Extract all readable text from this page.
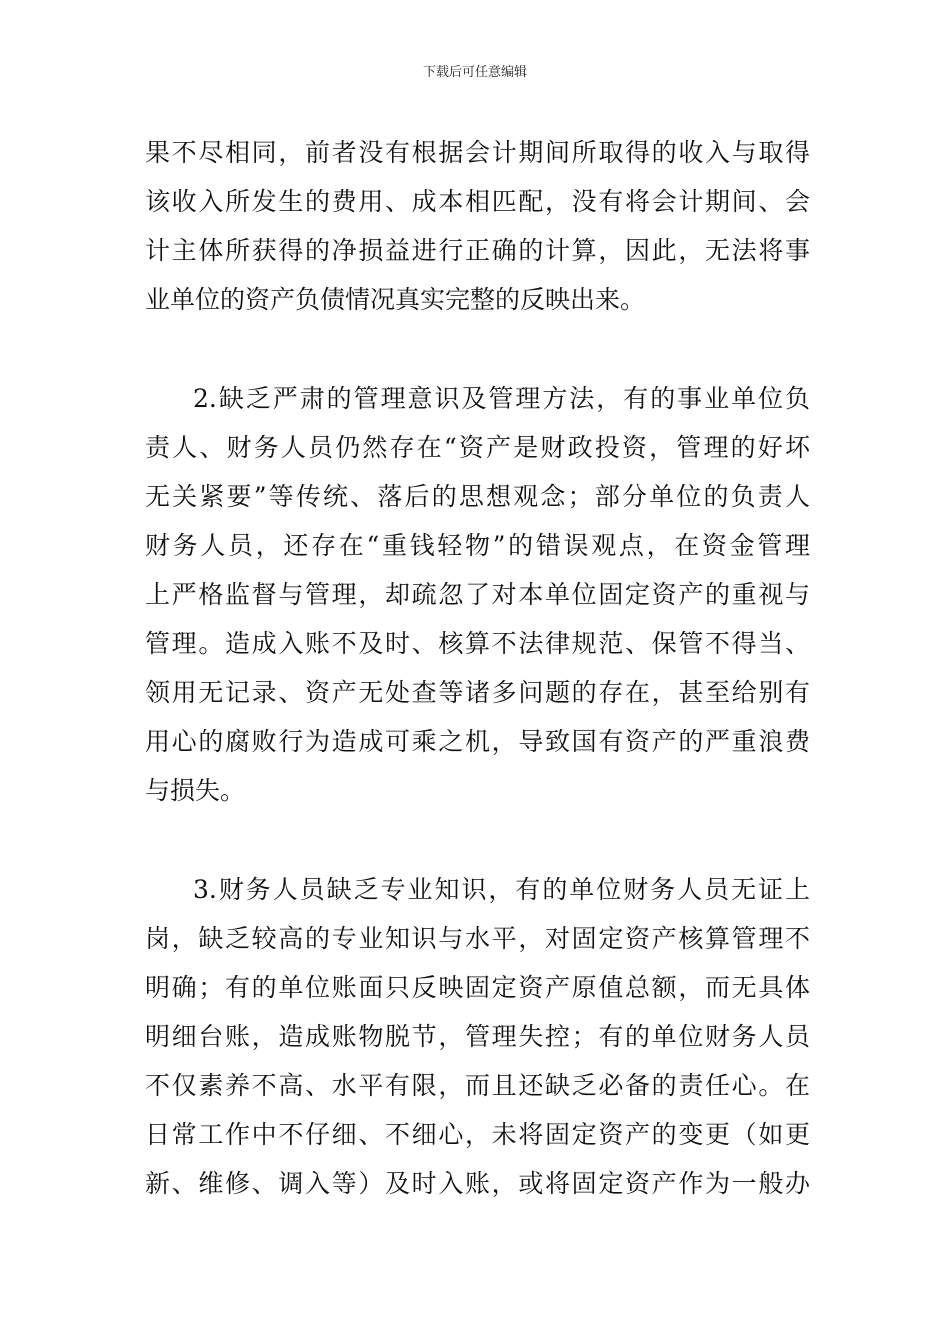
下载后可任意编辑
果不尽相同，前者没有根据会计期间所取得的收入与取得
该收入所发生的费用、成本相匹配，没有将会计期间、会
计主体所获得的净损益进行正确的计算，因此，无法将事
业单位的资产负债情况真实完整的反映出来。
2.缺乏严肃的管理意识及管理方法，有的事业单位负
责人、财务人员仍然存在“资产是财政投资，管理的好坏
无关紧要”等传统、落后的思想观念；部分单位的负责人
财务人员，还存在“重钱轻物”的错误观点，在资金管理
上严格监督与管理，却疏忽了对本单位固定资产的重视与
管理。造成入账不及时、核算不法律规范、保管不得当、
领用无记录、资产无处查等诸多问题的存在，甚至给别有
用心的腐败行为造成可乘之机，导致国有资产的严重浪费
与损失。
3.财务人员缺乏专业知识，有的单位财务人员无证上
岗，缺乏较高的专业知识与水平，对固定资产核算管理不
明确；有的单位账面只反映固定资产原值总额，而无具体
明细台账，造成账物脱节，管理失控；有的单位财务人员
不仅素养不高、水平有限，而且还缺乏必备的责任心。在
日常工作中不仔细、不细心，未将固定资产的变更（如更
新、维修、调入等）及时入账，或将固定资产作为一般办
